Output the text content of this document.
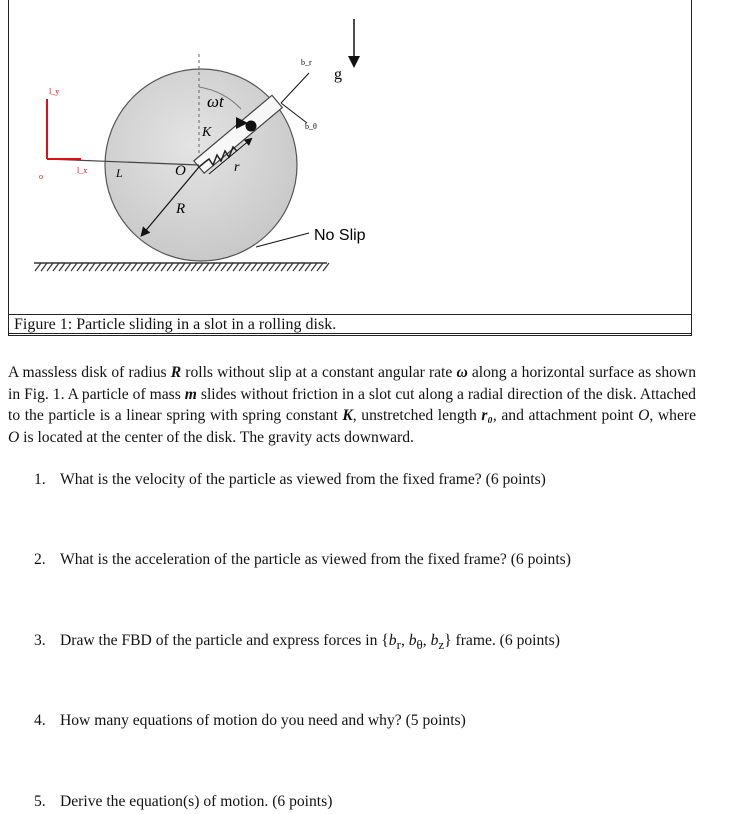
ωt
K
O	r
R
g
b_r
b_θ
L
l_y
l_x
o
No Slip
Figure 1: Particle sliding in a slot in a rolling disk.

A massless disk of radius R rolls without slip at a constant angular rate ω along a horizontal surface as shown in Fig. 1. A particle of mass m slides without friction in a slot cut along a radial direction of the disk. Attached to the particle is a linear spring with spring constant K, unstretched length r₀, and attachment point O, where O is located at the center of the disk. The gravity acts downward.

1. What is the velocity of the particle as viewed from the fixed frame? (6 points)
2. What is the acceleration of the particle as viewed from the fixed frame? (6 points)
3. Draw the FBD of the particle and express forces in {$b_r$, $b_\theta$, $b_z$} frame. (6 points)
4. How many equations of motion do you need and why? (5 points)
5. Derive the equation(s) of motion. (6 points)
